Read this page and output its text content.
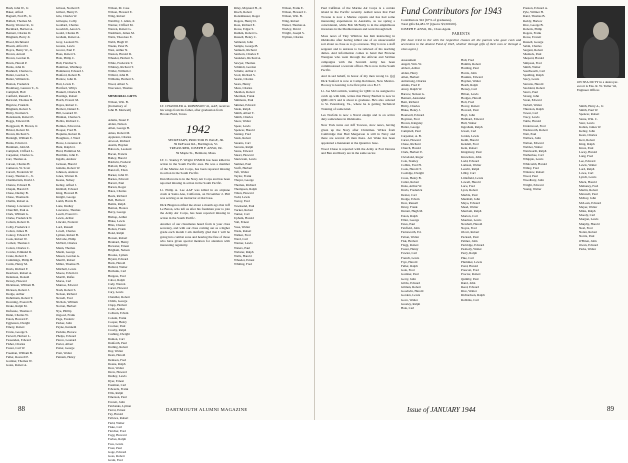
Bush, John W., Jr.
Baker, Alfred
Bagnall, Fred H., Jr.
Balliett, Thomas M.
Beatty, Worster R., Jr.
Beckhard, Herbert A.
Bennett, Charles D.
Bingham, Barry Jr.
Blood, Richmond
Bloom, Alfred D.
Boyce, Henry W., Jr.
Brown, Arnold
Brown, Gordon D.
Bruck, Harold P.
Burns, John D.
Bushnell, Charles G.
Butler, Gordon S.
Butler, William K.
Buxton, Frederick
Bromberg, Gustave T., Jr.
Campbell, Hall
Canfield, Russell L.
Bertrand, Thomas H.
Bigelow, Frank R.
Bingham, Robert S.
Bixby, Norman S.
Bodenstein, Robert E.
Boggs, Edward M.
Borggaard, H. Brown, Jr.
Bristol, Robert M.
Brown, Richard S.
Burleigh, William E.
Burns, Edwin O.
Burnham, John M.
Campbell, Clifford L.
Carpenter, Charles G.
Carr, Thomas A.
Carson, Charles H.
Cameron, W. Scott
Carroll, Frederick W.
Casey, Thomas C., Jr.
Chamberlain, David J.
Chance, Edward B.
Chapin, Harold P.
Chase, Dudley B.
Chase, Thomas R.
Chellis, Robert A.
Cheney, Lawrence T.
Churchill, Paul A.
Clark, William G.
Clarke, Frederick N.
Coburn, Robert D.
Colby, Frederick J.
Colton, James H.
Conroy, Edward F.
Cook, Robert W.
Corbett, Thomas J.
Cotton, Charles C.
Cowles, Edmund D.
Crane, Robert E.
Cummings, Philip H.
Curtis, Henry M.
Davis, Richard F.
Dearborn, Robert A.
Dennison, Donald
Dewey, Howard
Dickinson, William H.
Dickson, Robert J.
Dodge, Arthur
Dohrmann, Robert T.
Downing, Everett B.
Drake, Ralph M.
Dufresne, Thomas J.
Dunn, Charles W.
Eaton, Howard F.
Eggleston, Dwight
Emery, Robert
Evans, George S.
Farwell, Herbert L.
Fessenden, Edward
Fisher, Charles
Foster, Carl W.
Freeman, William B.
Fuller, Roswell P.
Gardner, Thomas W.
Gates, Robert A.
Gibson, Norbert P.
Gilbert, Henry E.
Gile, Charles W.
Gillespie, Colby
Goddard, Charles
Goodrich, Aaron S.
Gould, Charles H.
Graham, Robert A.
Gray, Leonard W.
Greene, Lewis
Grover, Paul F.
Haas, Robert S.
Hale, Philip C.
Hall, Fletcher S.
Hamilton, Winthrop
Hammond, Edward J.
Hanford, Robert B.
Harlow, John D.
Hart, Lewis E.
Hartford, Willys
Haskell, Charles B.
Hastings, Robert
Hatch, Everett M.
Hayes, Robert C.
Herbert, Daniel E.
Hill, Leonard W.
Hinman, Charles S.
Hobbs, Richard C.
Holmes, Edward A.
Hooper, Fred H.
Hopkins, Robert D.
Houghton, J. Ward
Howe, Lawrence R.
Hunt, Ralph O.
Hurd, Hamilton M.
Hutchins, John E.
Ingalls, Andrew
Jackson, Harold
Jenkins, Robert W.
Johnson, Andrew
Jones, Warren D.
Keene, Sidney
Kelley, Alfred J.
Kimball, Edward
King, Howard H.
Knight, George
Lamb, Harris B.
Lane, Dudley
Lawrence, Thomas
Leach, Everett C.
Lewis, Arthur
Lincoln, Frederic
Lord, Russell
Lovell, Charles
Lyman, Robert B.
McCabe, Philip
McNeil, Charles
Mann, Thomas
Marsh, George
Mason, Gordon A.
Merrill, Robert
Miller, Thomas H.
Mitchell, Lewis
Moore, Edwin O.
Morrill, Rufus
Morse, Carl
Munroe, Edward
Nash, Robert S.
Nelson, Richard
Newell, Fred
Nichols, William
Norton, Herbert
Nye, Phillip
Osgood, Frank
Page, Frederic
Parker, John
Payne, Kenneth
Perkins, Horace
Phelps, Edward
Pierce, Leonard
Porter, Albert
Potter, George
Pratt, Walter
Putnam, Henry
Wilson, M. Case
Wilson, Howard E.
Wing, Robert
WanWey, J. Allen, Jr.
Warner, Clifford M.
Warren, Robert G.
Washburn, James M.
Watts, Theodore E.
Webb, Hugh W.
Weeks, Peter B.
West, Arthur N.
Weston, Harold D.
Wheeler, Herbert S.
White, Frederick T.
Whitney, Richard T.
Wilder, William J.
Willard, John B.
Williams, Herbert S.
Wood, Albert S.
Worcester, Thomas
MEMORIAL GIFTS
Wilson, Wm. B.
(In memory of
John H. Maxwell)
LT. CHANDLER A. ROBINSON '41, AAF, receives his wings from his father, after graduation from Brooks Field, Texas.
Adams, Stuart F.
Alden, Nelson
Allen, George H.
Ames, Robert M.
Appleton, Charles
Atwood, Richard
Austin, Hayden
Babcock, Leonard
Bacon, Francis
Bailey, Harold
Baldwin, Frederic
Ballard, Henry
Bancroft, Elton
Barker, John W.
Barnes, Edward
Barrett, Paul
Barton, Roger
Bates, Charles
Beals, Richard
Bell, Herbert
Bemis, Ralph
Benton, Horace
Berry, George
Bishop, Arthur
Blake, Lewis
Bliss, Chester
Bolton, Frank
Bond, Ralph
Bowen, Robert
Brainard, Henry
Brewster, Ernest
Brigham, Nelson
Brooks, Lyman
Bryant, Edward
Buck, Harold
Bullard, Walter
Burbank, Carl
Burgess, Fred
Cabot, Ralph
Cady, Warren
Carter, Howard
Cary, Lewis
Chandler, Robert
Childs, George
Clapp, Herbert
Cobb, Arthur
Colburn, Edwin
Conant, Frank
Cooper, Henry
Crocker, Paul
Crosby, Ralph
Cushing, Dwight
Damon, Carl
Danforth, Paul
Darling, Robert
Day, Walter
Dean, Harold
Denison, Fred
Doane, Ralph
Dow, Walter
Drew, Howard
Dudley, Lewis
Dyer, Ernest
Eastman, Carl
Edwards, Frank
Ellis, Ralph
Emerson, Paul
Everett, John
Fairbanks, Lyman
Farrar, Ernest
Fay, Harold
Fellows, Robert
Field, Walter
Fiske, Carl
Fletcher, Fred
Fogg, Howard
Forbes, Ralph
Foss, Lewis
Frost, Paul
Gage, Edward
Goss, Robert
Grant, Fred
1942
SECRETARY, PROCTOR H. PAGE, JR.
39 DeForest Rd., Burlington, Vt.
TREASURER, JOSEPH F. ANSO, JR.
59 Maple St., Belmont, Mass.

LT. C. Stanley F. Wright USMCR has been killed in action in the South Pacific area. He was a member of the Marine Air Corps, has been reported missing in action in the South Pacific.

Dan Marcotte is in the Navy Air Corps and has been reported missing in action in the South Pacific.

Lt. Philip A. Lee AAF was killed in an airplane crash at Santa Ana, California, on November 2. Phil was serving as an instructor at that base.

Dick Blagen notified me about a month ago that Jeff Le Baron, who left us after his freshman year to join the Army Air Corps, has been reported missing in action in the South Pacific.

Another of our classmates heard from is your class secretary, and with our class coming out as a higher grade each month I am dutifully glad that I will be going into combat zone and hearing the fine of those who have given special mention for attention with interesting regularity.

Riley, Maynard H., Jr.
Rioch, Robert
Rodenhauser, Roger
Rogers, Henry D.
Ross, Richard E.
Rowe, Edgar S.
Rudkin, Robert G.
Russell, Henry C.
Salmond, John
Sample, George B.
Samuels, Richard
Sanborn, Charles F.
Saunders, Richard A.
Sawyer, Thomas
Schmidt, Gordon
Schultz, Arthur J.
Scott, Richard S.
Searle, Charles
Sears, Henry
Shaw, Charles
Sheldon, Robert
Sherman, Frank
Simmons, Paul
Skinner, Edward
Slade, Ralph
Smith, Albert T.
Smith, Charles
Snow, Walter
Spear, Lewis
Spencer, Harold
Stanley, Fred
Stark, Robert
Stearns, Carl
Stevens, Ralph
Stone, Edward
Stuart, Howard
Sturtevant, Lewis
Sumner, Paul
Swift, Herbert
Taft, Walter
Taylor, Frank
Thayer, George
Thomas, Richard
Thompson, Ralph
Tilton, Howard
Todd, Lewis
Torrey, Fred
Townsend, Paul
Tucker, Robert
Turner, Carl
Upham, Harold
Vail, Ernest
Vose, Walter
Wade, Robert
Walker, Fred
Ward, Carl
Warner, Lewis
Waters, Paul
Webster, Ralph
Wells, Harold
Wheeler, Ernest
Whiting, Fred
Wilson, Frank E.
Wilson, Howard C.
Wilson, Wm. B.
Wing, Robert
Weisel, Thomas A.
Worley, David
Wright, Joseph S.
Wyman, Charles
88	DARTMOUTH ALUMNI MAGAZINE

Paul Cuffman of the Marine Air Corps is a certain island in the Pacific recently. Added notes that Paul Trowne is now a Marine captain and has had some interesting experiences in Australia, as we spring a coincidental, while Bob McNulty is in the amphibious invasions in the Mediterranean and went through hell.

More news of Tiny Whitlow has him instructing in Oklahoma after having killed one of an unsuccessful sort about as close as to go overseas. Tiny is now a staff sergeant and is anxious to be relieved of his teaching duties. And information comes to hand that Browne Westgate who went through the African and Sicilian campaigns with the Seventh Army has been commissioned a warrant officer. He is now in the South Pacific.

And in sad behalf, in honor of my men wrong Lt. (jg) Dick Sanford is now at Camp Robinson, New Mexico. Hoovey is learning to be first pilot on a B-17.

Lt. Joe McCormick, waiting for QMC to be assigned to catch up with him, writes that Henry Bartlett is now in QMC-OCS and is about to graduate. He's also ordered to St. Petersburg, Va., where he is getting Technical Training of some kind.

Les Norfolk is now a Naval ensign and is on active duty somewhere in Oklahoma.

New York turns out Jeff Towson, slow news, having given up the Navy after Christmas. Writes from Cambridge that Bud Mergerson is still in Navy and there are several 43 men there. Art Wake has been appointed a lieutenant at the Quantico base.

Wood Chase is reported with the Army at Fort Devens and Ben and Rusty are in the same sector.

Fund Contributors for 1943
Contributors 322 (67% of graduates).
Total gifts $4,481.37 (Quota: $3,500.00).
JOSEPH F. ANSO, JR., Class Agent.
PARENTS
(We have tried to list with the respective classes all the parents who gave cash and accessions to the Alumni Fund of 1943, whether through gifts of their own or through a class agent.)
Assessment
Angell, Wm. W.
Abbott, Arthur
Alden, Harry
Allen, Herbert
Armstrong, Charles
Atkins, Fred P.
Avery, Ralph W.
Barrow, Nelson G.
Bennett, Alexander
Bent, Richard
Bixby, Charles
Blake, Henry J.
Boutwell, Edward
Boynton, Fred
Brown, Kingsley
Butler, George
Campbell, Paul
Carpenter, A. B.
Carter, Howard
Chase, Richard
Church, Harold
Clark, Herbert E.
Cleveland, Roger
Cole, Stanley
Collins, Fred H.
Cook, Harold T.
Coolidge, Dwight
Cross, Henry B.
Cutler, Robert
Dana, Arthur W.
Davis, Frederick
Dexter, Carl
Dodge, Edwin
Dow, Russell
Drury, Frank
Durant, Hugh M.
Eaton, Ralph
Elliot, George
Estes, Paul
Fairfield, John
Farnsworth, Ed.
Felton, Walter
Fisk, Herbert
Flagg, Robert
Foster, Henry
Fowler, Carl
French, Lewis
Frye, Harold
Fuller, Ralph
Gale, Fred
Gardner, Paul
Gerry, John
Gibbs, Edward
Gilman, Robert
Goodwin, Harold
Gordon, Lewis
Gove, Walter
Greeley, Ralph
Hale, Carl
Hall, Fred
Hamlin, Robert
Harding, Paul
Harris, John
Haskins, Edward
Hayden, Walter
Heath, Ralph
Hersey, Carl
Hilton, Lewis
Hodges, Harold
Holt, Fred
Hovey, Robert
Howard, Paul
Hoyt, John
Hubbard, Edward
Hull, Walter
Ingraham, Ralph
Jewett, Carl
Jordan, Lewis
Keith, Harold
Kendall, Fred
Kent, Robert
Kingsbury, Paul
Knowlton, John
Ladd, Edward
Lamson, Walter
Leavitt, Ralph
Libby, Carl
Littlefield, Lewis
Lowell, Harold
Luce, Fred
Lyon, Robert
Marble, Paul
Marshall, John
Mayo, Edward
Mead, Walter
Merriam, Ralph
Morton, Carl
Moulton, Lewis
Newhall, Harold
Noyes, Fred
Olcott, Robert
Packard, Paul
Palmer, John
Partridge, Edward
Peabody, Walter
Perry, Ralph
Pike, Carl
Plummer, Lewis
Pond, Harold
Prescott, Fred
Proctor, Robert
Quimby, Paul
Rand, John
Reed, Edward
Rice, Walter
Richardson, Ralph
Robbins, Carl
Preston, Edward A.
Pyle, Wilmer H.
Rand, Thomas B.
Reddy, Harlow
Rice, George B.
Roberts, Philip
Rogers, Frank
Rowe, Everett
Russell, George
Sabin, Charles
Sargent, Robert
Shattuck, Paul
Shepard, Harold
Simpson, Fred
Smith, Walter
Southworth, Carl
Spalding, Ralph
Stacy, Lewis
Stevens, Harold
Stoddard, Robert
Storrs, Paul
Strong, John
Swan, Edward
Tarbell, Walter
Thurston, Ralph
Tower, Carl
Tracy, Lewis
Tuttle, Harold
Underwood, Fred
Wadsworth, Robert
Wait, Paul
Wallace, John
Walton, Edward
Webber, Walter
Wentworth, Ralph
Wetherbee, Carl
Whipple, Lewis
Whitcomb, Harold
Willey, Fred
Winslow, Robert
Wood, Paul
Woodbury, John
Wright, Edward
Young, Walter
ON SEA DUTY in a destroyer-escort is Ens. R. W. Tuller '42, Engineer Officer.
Smith, Harry A., Jr.
Smith, Paul W.
Spencer, Robert
Stone, Wm. C.
Starr, Lewis
Kallen, James W.
Kelley, John
Keen, Charles
Kerr, Robert
King, Ralph
Knox, Paul
Lacey, Harold
Lang, Fred
Lee, Edward
Lewis, Walter
Lord, Ralph
Lowe, Carl
Lynch, Lewis
Mack, Harold
Mahoney, Fred
Martin, Robert
Maxwell, Paul
McKay, John
McLean, Edward
Meyer, Walter
Miles, Ralph
Moody, Carl
Morgan, Lewis
Murphy, Harold
Neal, Fred
Nolan, Robert
Norris, Paul
O'Brien, John
Owen, Edward
Parks, Walter
Issue of JANUARY 1944	89
